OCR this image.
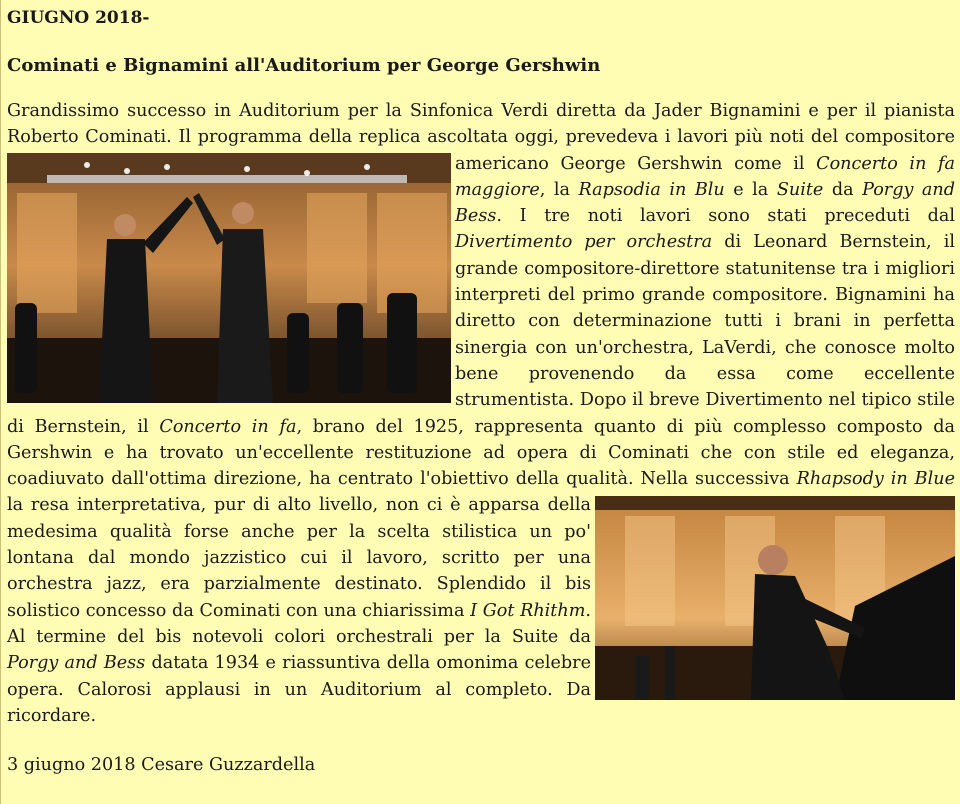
GIUGNO 2018-
Cominati e Bignamini all'Auditorium per George Gershwin
Grandissimo successo in Auditorium per la Sinfonica Verdi diretta da Jader Bignamini e per il pianista Roberto Cominati. Il programma della replica ascoltata oggi, prevedeva i lavori più noti del compositore americano George Gershwin come il
Concerto in fa maggiore, la Rapsodia in Blu e la Suite da Porgy and Bess. I tre noti lavori sono stati preceduti dal Divertimento per orchestra di Leonard Bernstein, il grande compositore-direttore statunitense tra i migliori interpreti del primo grande compositore. Bignamini ha diretto con determinazione tutti i brani in perfetta sinergia con un'orchestra, LaVerdi, che conosce molto bene provenendo da essa come eccellente strumentista. Dopo il breve Divertimento nel tipico stile di Bernstein, il Concerto in fa, brano del 1925, rappresenta quanto di più complesso composto da Gershwin e ha trovato un'eccellente restituzione ad opera di Cominati che con stile ed eleganza, coadiuvato dall'ottima direzione, ha centrato l'obiettivo della qualità. Nella successiva
Rhapsody in Blue la resa interpretativa, pur di alto livello, non ci è apparsa della medesima qualità forse anche per la scelta stilistica un po' lontana dal mondo jazzistico cui il lavoro, scritto per una orchestra jazz, era parzialmente destinato. Splendido il bis solistico concesso da Cominati con una chiarissima I Got Rhithm. Al termine del bis notevoli colori orchestrali per la Suite da Porgy and Bess datata 1934 e riassuntiva della omonima celebre opera. Calorosi applausi in un Auditorium al completo. Da ricordare.

3 giugno 2018 Cesare Guzzardella
